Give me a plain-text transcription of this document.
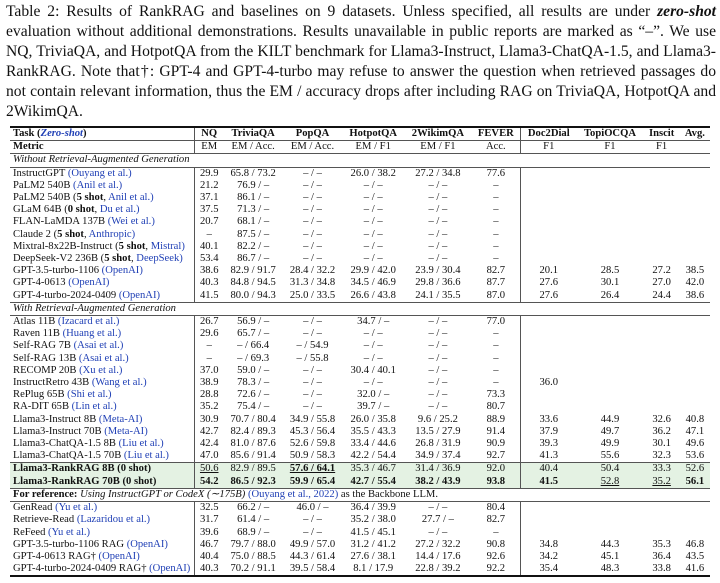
Table 2: Results of RankRAG and baselines on 9 datasets. Unless specified, all results are under zero-shot evaluation without additional demonstrations. Results unavailable in public reports are marked as “–”. We use NQ, TriviaQA, and HotpotQA from the KILT benchmark for Llama3-Instruct, Llama3-ChatQA-1.5, and Llama3-RankRAG. Note that†: GPT-4 and GPT-4-turbo may refuse to answer the question when retrieved passages do not contain relevant information, thus the EM / accuracy drops after including RAG on TriviaQA, HotpotQA and 2WikimQA.
Task (Zero-shot)	NQ	TriviaQA	PopQA	HotpotQA	2WikimQA	FEVER	Doc2Dial	TopiOCQA	Inscit	Avg.
Metric	EM	EM / Acc.	EM / Acc.	EM / F1	EM / F1	Acc.	F1	F1	F1	
Without Retrieval-Augmented Generation										
InstructGPT (Ouyang et al.)	29.9	65.8 / 73.2	– / –	26.0 / 38.2	27.2 / 34.8	77.6				
PaLM2 540B (Anil et al.)	21.2	76.9 / –	– / –	– / –	– / –	–				
PaLM2 540B (5 shot, Anil et al.)	37.1	86.1 / –	– / –	– / –	– / –	–				
GLaM 64B (0 shot, Du et al.)	37.5	71.3 / –	– / –	– / –	– / –	–				
FLAN-LaMDA 137B (Wei et al.)	20.7	68.1 / –	– / –	– / –	– / –	–				
Claude 2 (5 shot, Anthropic)	–	87.5 / –	– / –	– / –	– / –	–				
Mixtral-8x22B-Instruct (5 shot, Mistral)	40.1	82.2 / –	– / –	– / –	– / –	–				
DeepSeek-V2 236B (5 shot, DeepSeek)	53.4	86.7 / –	– / –	– / –	– / –	–				
GPT-3.5-turbo-1106 (OpenAI)	38.6	82.9 / 91.7	28.4 / 32.2	29.9 / 42.0	23.9 / 30.4	82.7	20.1	28.5	27.2	38.5
GPT-4-0613 (OpenAI)	40.3	84.8 / 94.5	31.3 / 34.8	34.5 / 46.9	29.8 / 36.6	87.7	27.6	30.1	27.0	42.0
GPT-4-turbo-2024-0409 (OpenAI)	41.5	80.0 / 94.3	25.0 / 33.5	26.6 / 43.8	24.1 / 35.5	87.0	27.6	26.4	24.4	38.6
With Retrieval-Augmented Generation										
Atlas 11B (Izacard et al.)	26.7	56.9 / –	– / –	34.7 / –	– / –	77.0				
Raven 11B (Huang et al.)	29.6	65.7 / –	– / –	– / –	– / –	–				
Self-RAG 7B (Asai et al.)	–	– / 66.4	– / 54.9	– / –	– / –	–				
Self-RAG 13B (Asai et al.)	–	– / 69.3	– / 55.8	– / –	– / –	–				
RECOMP 20B (Xu et al.)	37.0	59.0 / –	– / –	30.4 / 40.1	– / –	–				
InstructRetro 43B (Wang et al.)	38.9	78.3 / –	– / –	– / –	– / –	–	36.0			
RePlug 65B (Shi et al.)	28.8	72.6 / –	– / –	32.0 / –	– / –	73.3				
RA-DIT 65B (Lin et al.)	35.2	75.4 / –	– / –	39.7 / –	– / –	80.7				
Llama3-Instruct 8B (Meta-AI)	30.9	70.7 / 80.4	34.9 / 55.8	26.0 / 35.8	9.6 / 25.2	88.9	33.6	44.9	32.6	40.8
Llama3-Instruct 70B (Meta-AI)	42.7	82.4 / 89.3	45.3 / 56.4	35.5 / 43.3	13.5 / 27.9	91.4	37.9	49.7	36.2	47.1
Llama3-ChatQA-1.5 8B (Liu et al.)	42.4	81.0 / 87.6	52.6 / 59.8	33.4 / 44.6	26.8 / 31.9	90.9	39.3	49.9	30.1	49.6
Llama3-ChatQA-1.5 70B (Liu et al.)	47.0	85.6 / 91.4	50.9 / 58.3	42.2 / 54.4	34.9 / 37.4	92.7	41.3	55.6	32.3	53.6
Llama3-RankRAG 8B (0 shot)	50.6	82.9 / 89.5	57.6 / 64.1	35.3 / 46.7	31.4 / 36.9	92.0	40.4	50.4	33.3	52.6
Llama3-RankRAG 70B (0 shot)	54.2	86.5 / 92.3	59.9 / 65.4	42.7 / 55.4	38.2 / 43.9	93.8	41.5	52.8	35.2	56.1
For reference: Using InstructGPT or CodeX (∼175B) (Ouyang et al., 2022) as the Backbone LLM.										
GenRead (Yu et al.)	32.5	66.2 / –	46.0 / –	36.4 / 39.9	– / –	80.4				
Retrieve-Read (Lazaridou et al.)	31.7	61.4 / –	– / –	35.2 / 38.0	27.7 / –	82.7				
ReFeed (Yu et al.)	39.6	68.9 / –	– / –	41.5 / 45.1	– / –	–				
GPT-3.5-turbo-1106 RAG (OpenAI)	46.7	79.7 / 88.0	49.9 / 57.0	31.2 / 41.2	27.2 / 32.2	90.8	34.8	44.3	35.3	46.8
GPT-4-0613 RAG† (OpenAI)	40.4	75.0 / 88.5	44.3 / 61.4	27.6 / 38.1	14.4 / 17.6	92.6	34.2	45.1	36.4	43.5
GPT-4-turbo-2024-0409 RAG† (OpenAI)	40.3	70.2 / 91.1	39.5 / 58.4	8.1 / 17.9	22.8 / 39.2	92.2	35.4	48.3	33.8	41.6
